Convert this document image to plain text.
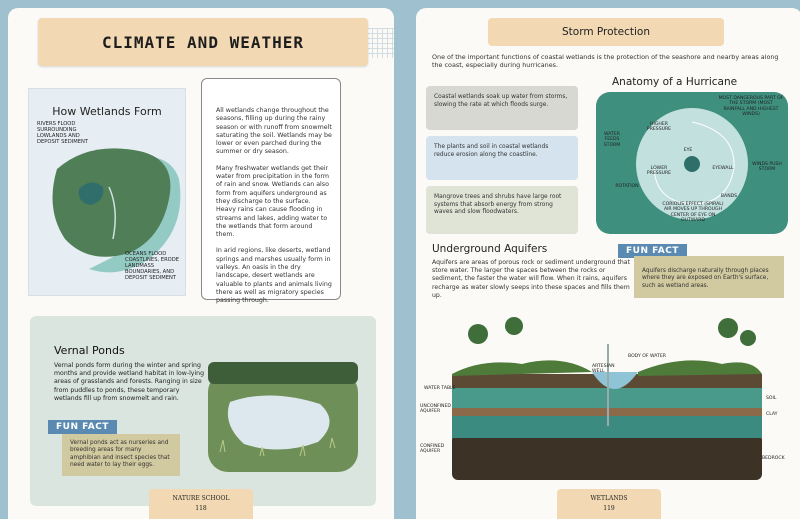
CLIMATE AND WEATHER
How Wetlands Form
RIVERS FLOOD SURROUNDING LOWLANDS AND DEPOSIT SEDIMENT
OCEANS FLOOD COASTLINES, ERODE LANDMASS BOUNDARIES, AND DEPOSIT SEDIMENT

All wetlands change throughout the seasons, filling up during the rainy season or with runoff from snowmelt saturating the soil. Wetlands may be lower or even parched during the summer or dry season.

Many freshwater wetlands get their water from precipitation in the form of rain and snow. Wetlands can also form from aquifers underground as they discharge to the surface. Heavy rains can cause flooding in streams and lakes, adding water to the wetlands that form around them.

In arid regions, like deserts, wetland springs and marshes usually form in valleys. An oasis in the dry landscape, desert wetlands are valuable to plants and animals living there as well as migratory species passing through.

Vernal Ponds
Vernal ponds form during the winter and spring months and provide wetland habitat in low-lying areas of grasslands and forests. Ranging in size from puddles to ponds, these temporary wetlands fill up from snowmelt and rain.
FUN FACT
Vernal ponds act as nurseries and breeding areas for many amphibian and insect species that need water to lay their eggs.
NATURE SCHOOL
118
Storm Protection
One of the important functions of coastal wetlands is the protection of the seashore and nearby areas along the coast, especially during hurricanes.
Coastal wetlands soak up water from storms, slowing the rate at which floods surge.
The plants and soil in coastal wetlands reduce erosion along the coastline.
Mangrove trees and shrubs have large root systems that absorb energy from strong waves and slow floodwaters.
Anatomy of a Hurricane
MOST DANGEROUS PART OF THE STORM (MOST RAINFALL AND HIGHEST WINDS)
HIGHER PRESSURE
WATER FEEDS STORM
EYE
LOWER PRESSURE
EYEWALL
WINDS PUSH STORM
ROTATION
BANDS
CORIOLIS EFFECT (SPIRAL) AIR MOVES UP THROUGH CENTER OF EYE ON OUTWARD
Underground Aquifers
Aquifers are areas of porous rock or sediment underground that store water. The larger the spaces between the rocks or sediment, the faster the water will flow. When it rains, aquifers recharge as water slowly seeps into these spaces and fills them up.
FUN FACT
Aquifers discharge naturally through places where they are exposed on Earth's surface, such as wetland areas.
BODY OF WATER
ARTESIAN WELL
WATER TABLE
UNCONFINED AQUIFER
CONFINED AQUIFER
SOIL
CLAY
BEDROCK
WETLANDS
119
